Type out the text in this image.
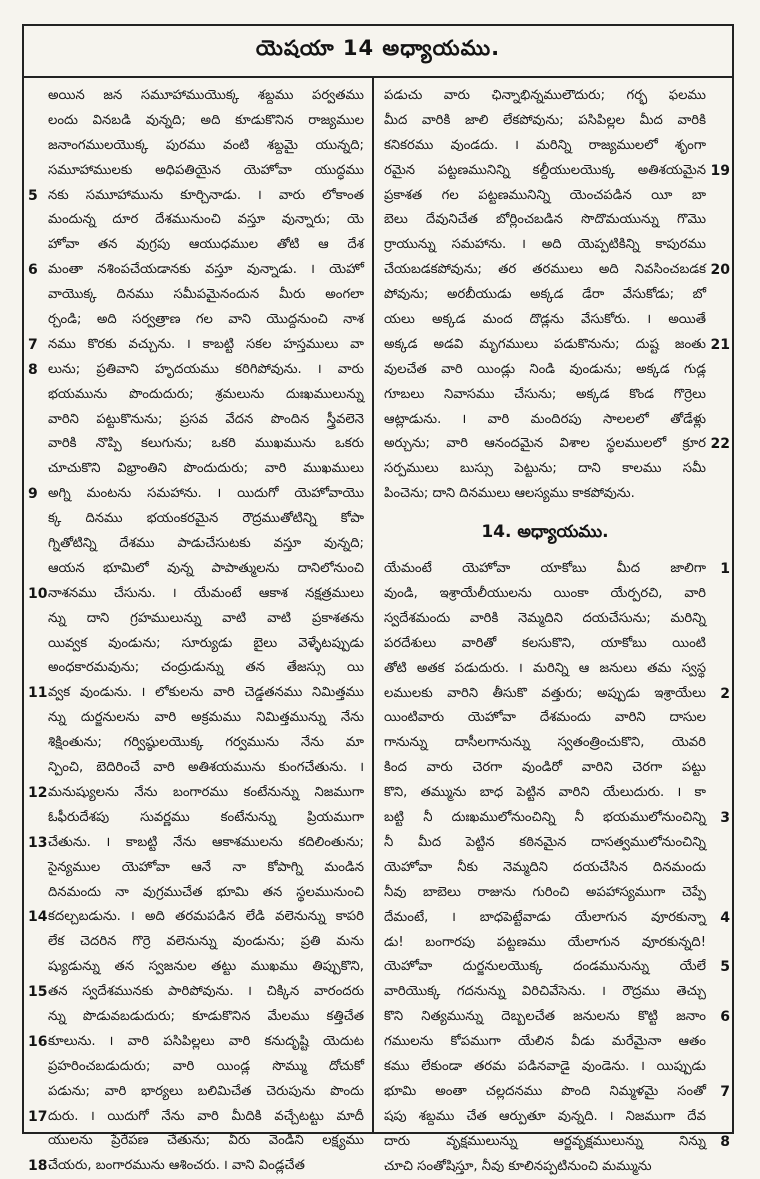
యెషయా 14 అధ్యాయము.
అయిన జన సమూహాముయొక్క శబ్దము పర్వతము
లందు వినబడి వున్నది; అది కూడుకొనిన రాజ్యముల
జనాంగములయొక్క పురము వంటి శబ్దమై యున్నది;
సమూహాములకు అధిపతియైన యెహోవా యుద్ధము
5 నకు సమూహామును కూర్చినాడు. ౹ వారు లోకాంత
మందున్న దూర దేశమునుంచి వస్తూ వున్నారు; యె
హోవా తన వుగ్రపు ఆయుధముల తోటి ఆ దేశ
6 మంతా నశింపచేయడానకు వస్తూ వున్నాడు. ౹ యెహో
వాయొక్క దినము సమీపమైనందున మీరు అంగలా
ర్చండి; అది సర్వత్రాణ గల వాని యొద్దనుంచి నాశ
7 నము కొరకు వచ్చును. ౹ కాబట్టి సకల హస్తములు వా
8 లును; ప్రతివాని హృదయము కరిగిపోవును. ౹ వారు
భయమును పొందుదురు; శ్రమలును దుఃఖములున్ను
వారిని పట్టుకొనును; ప్రసవ వేదన పొందిన స్త్రీవలెనె
వారికి నొప్పి కలుగును; ఒకరి ముఖమును ఒకరు
చూచుకొని విభ్రాంతిని పొందుదురు; వారి ముఖములు
9 అగ్ని మంటను సమహాను. ౹ యిదుగో యెహోవాయొ
క్క దినము భయంకరమైన రౌద్రముతోటిన్ని కోపా
గ్నితోటిన్ని దేశము పాడుచేసుటకు వస్తూ వున్నది;
ఆయన భూమిలో వున్న పాపాత్ములను దానిలోనుంచి
10 నాశనము చేసును. ౹ యేమంటే ఆకాశ నక్షత్రములు
న్ను దాని గ్రహములున్ను వాటి వాటి ప్రకాశతను
యివ్వక వుండును; సూర్యుడు బైలు వెళ్ళేటప్పుడు
అంధకారమవును; చంద్రుడున్ను తన తేజస్సు యి
11 వ్వక వుండును. ౹ లోకులను వారి చెడ్డతనము నిమిత్తము
న్ను దుర్జనులను వారి అక్రమము నిమిత్తమున్ను నేను
శిక్షింతును; గర్విష్ఠులయొక్క గర్వమును నేను మా
న్పించి, బెదిరించే వారి అతిశయమును కుంగచేతును. ౹
12 మనుష్యులను నేను బంగారము కంటేనున్ను నిజముగా
ఓఫీరుదేశపు సువర్ణము కంటేనున్ను ప్రియముగా
13 చేతును. ౹ కాబట్టి నేను ఆకాశములను కదిలింతును;
సైన్యముల యెహోవా ఆనే నా కోపాగ్ని మండిన
దినమందు నా వుగ్రముచేత భూమి తన స్థలమునుంచి
14 కదల్చబడును. ౹ అది తరమపడిన లేడి వలెనున్ను కాపరి
లేక చెదరిన గొర్రె వలెనున్ను వుండును; ప్రతి మను
ష్యుడున్ను తన స్వజనుల తట్టు ముఖము తిప్పుకొని,
15 తన స్వదేశమునకు పారిపోవును. ౹ చిక్కిన వారందరు
న్ను పొడువబడుదురు; కూడుకొనిన మేలము కత్తిచేత
16 కూలును. ౹ వారి పసిపిల్లలు వారి కనుదృష్టి యెదుట
ప్రహరించబడుదురు; వారి యిండ్ల సొమ్ము దోచుకో
పడును; వారి భార్యలు బలిమిచేత చెరుపును పొందు
17 దురు. ౹ యిదుగో నేను వారి మీదికి వచ్చేటట్టు మాదీ
యులను ప్రేరేపణ చేతును; వీరు వెండిని లక్ష్యము
18 చేయరు, బంగారమును ఆశించరు. ౹ వాని విండ్లచేత
పడుచు వారు ఛిన్నాభిన్నములౌదురు; గర్భ ఫలము
మీద వారికి జాలి లేకపోవును; పసిపిల్లల మీద వారికి
కనికరము వుండదు. ౹ మరిన్ని రాజ్యములలో శృంగా
19
రమైన పట్టణమునిన్ని కల్దీయులయొక్క అతిశయమైన
ప్రకాశత గల పట్టణమునిన్ని యెంచపడిన యీ బా
బెలు దేవునిచేత బోర్లించబడిన సొదొమయున్ను గొమొ
ర్రాయున్ను సమహాను. ౹ అది యెప్పటికిన్ని కాపురము
20
చేయబడకపోవును; తర తరములు అది నివసించబడక
పోవును; అరబీయుడు అక్కడ డేరా వేసుకోడు; బో
యలు అక్కడ మంద దొడ్లను వేసుకోరు. ౹ అయితే
21
అక్కడ అడవి మృగములు పడుకొనును; దుష్ట జంతు
వులచేత వారి యిండ్లు నిండి వుండును; అక్కడ గుడ్ల
గూబలు నివాసము చేసును; అక్కడ కొండ గొర్రెలు
ఆట్లాడును. ౹ వారి మందిరపు సాలలలో తోడేళ్లు
22
అర్చును; వారి ఆనందమైన విశాల స్థలములలో క్రూర
సర్పములు బుస్సు పెట్టును; దాని కాలము సమీ
పించెను; దాని దినములు ఆలస్యము కాకపోవును.
14. అధ్యాయము.
1
యేమంటే యెహోవా యాకోబు మీద జాలిగా
వుండి, ఇశ్రాయేలీయులను యింకా యేర్పరచి, వారి
స్వదేశమందు వారికి నెమ్మదిని దయచేసును; మరిన్ని
పరదేశులు వారితో కలసుకొని, యాకోబు యింటి
తోటి అతక పడుదురు. ౹ మరిన్ని ఆ జనులు తమ స్వస్థ
2
లములకు వారిని తీసుకొ వత్తురు; అప్పుడు ఇశ్రాయేలు
యింటివారు యెహోవా దేశమందు వారిని దాసుల
గానున్ను దాసీలగానున్ను స్వతంత్రించుకొని, యెవరి
కింద వారు చెరగా వుండిరో వారిని చెరగా పట్టు
కొని, తమ్మును బాధ పెట్టిన వారిని యేలుదురు. ౹ కా
3
బట్టి నీ దుఃఖములోనుంచిన్ని నీ భయములోనుంచిన్ని
నీ మీద పెట్టిన కఠినమైన దాసత్వములోనుంచిన్ని
యెహోవా నీకు నెమ్మదిని దయచేసిన దినమందు
నీవు బాబెలు రాజును గురించి అపహాస్యముగా చెప్పే
4
దేమంటే, ౹ బాధపెట్టేవాడు యేలాగున వూరకున్నా
డు! బంగారపు పట్టణము యేలాగున వూరకున్నది!
5
యెహోవా దుర్జనులయొక్క దండమునున్ను యేలే
వారియొక్క గదనున్ను విరిచివేసెను. ౹ రౌద్రము తెచ్చు
6
కొని నిత్యమున్ను దెబ్బలచేత జనులను కొట్టి జనాం
గములను కోపముగా యేలిన వీడు మరేమైనా ఆతం
కము లేకుండా తరమ పడినవాడై వుండెను. ౹ యిప్పుడు
7
భూమి అంతా చల్లదనము పొంది నిమ్మళమై సంతో
షపు శబ్దము చేత ఆర్పుతూ వున్నది. ౹ నిజముగా దేవ
8
దారు వృక్షములున్ను ఆర్జవృక్షములున్ను నిన్ను
చూచి సంతోషిస్తూ, నీవు కూలినప్పటినుంచి మమ్మును
